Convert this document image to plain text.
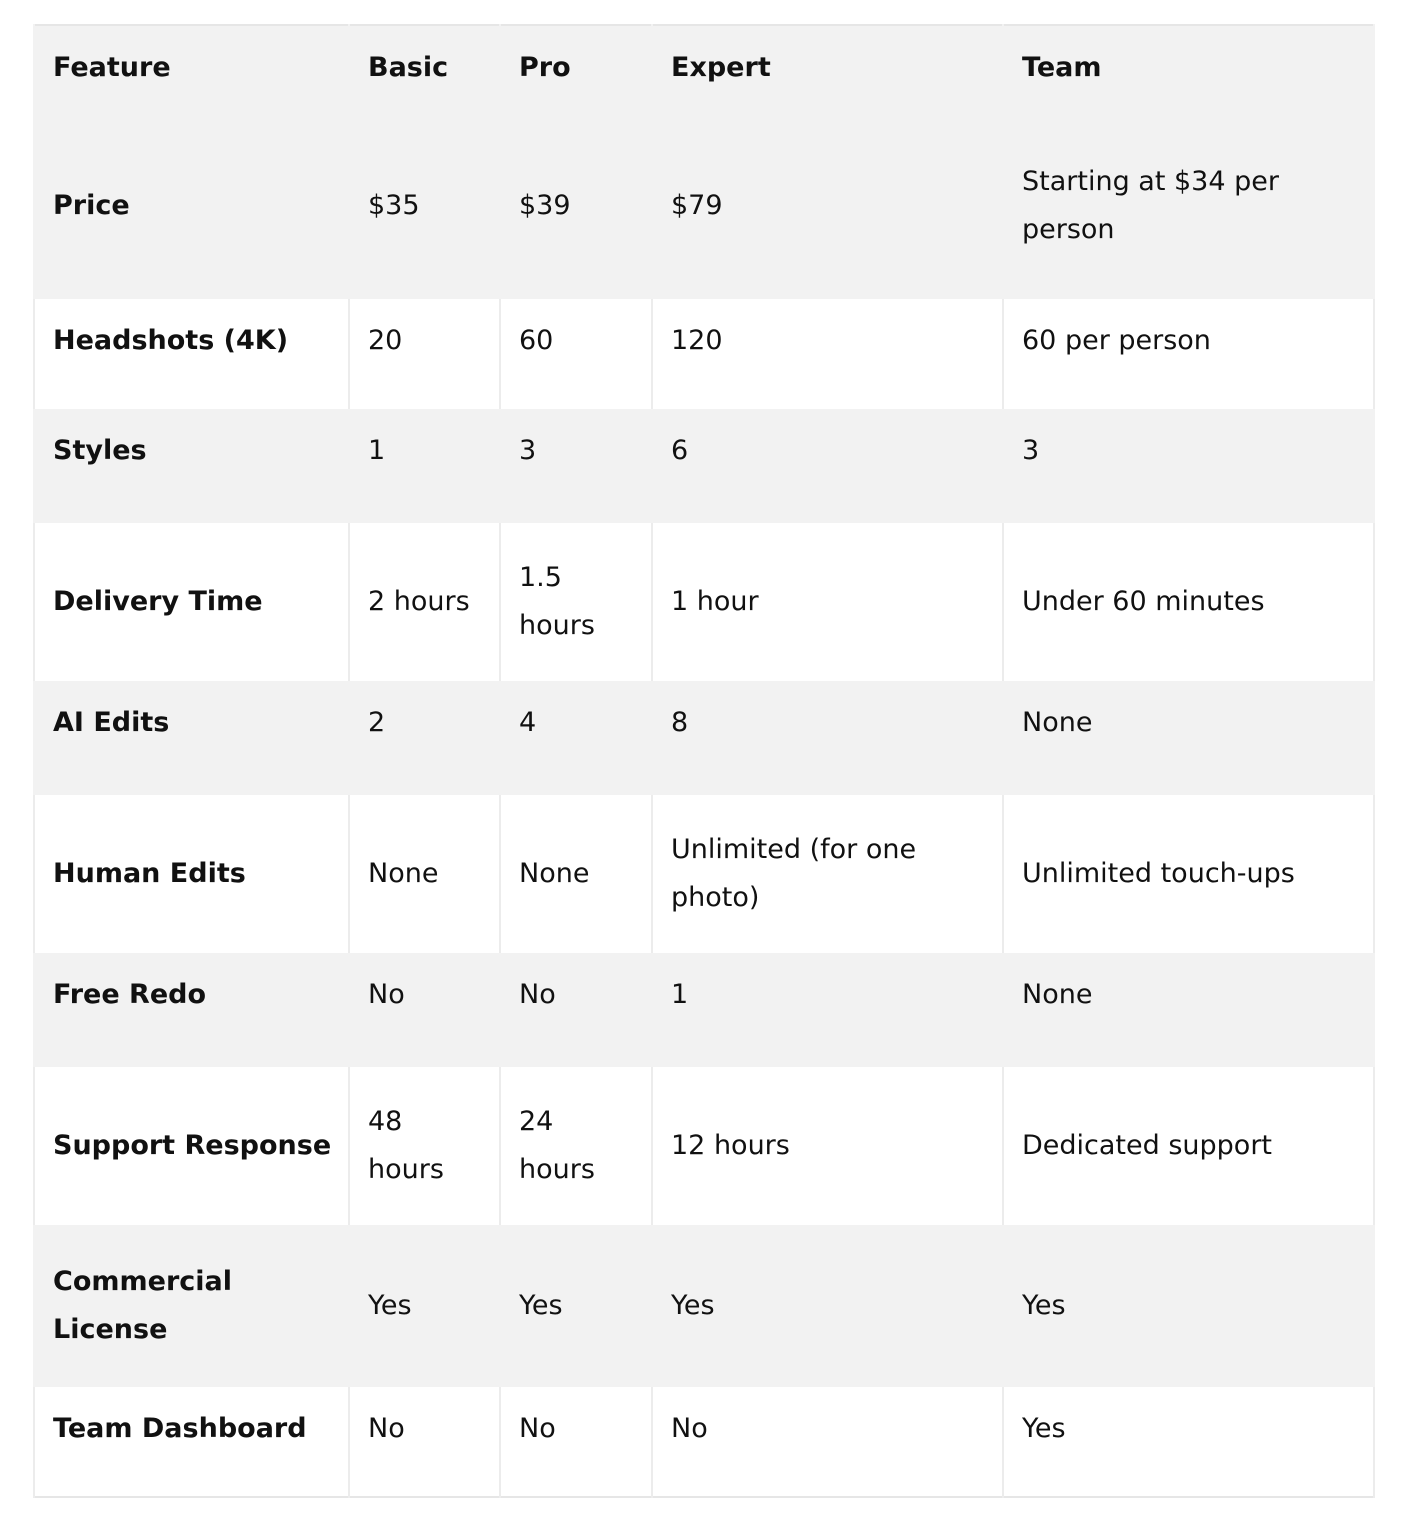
Feature	Basic	Pro	Expert	Team
Price	$35	$39	$79	Starting at $34 per person
Headshots (4K)	20	60	120	60 per person
Styles	1	3	6	3
Delivery Time	2 hours	1.5 hours	1 hour	Under 60 minutes
AI Edits	2	4	8	None
Human Edits	None	None	Unlimited (for one photo)	Unlimited touch-ups
Free Redo	No	No	1	None
Support Response	48 hours	24 hours	12 hours	Dedicated support
Commercial License	Yes	Yes	Yes	Yes
Team Dashboard	No	No	No	Yes
